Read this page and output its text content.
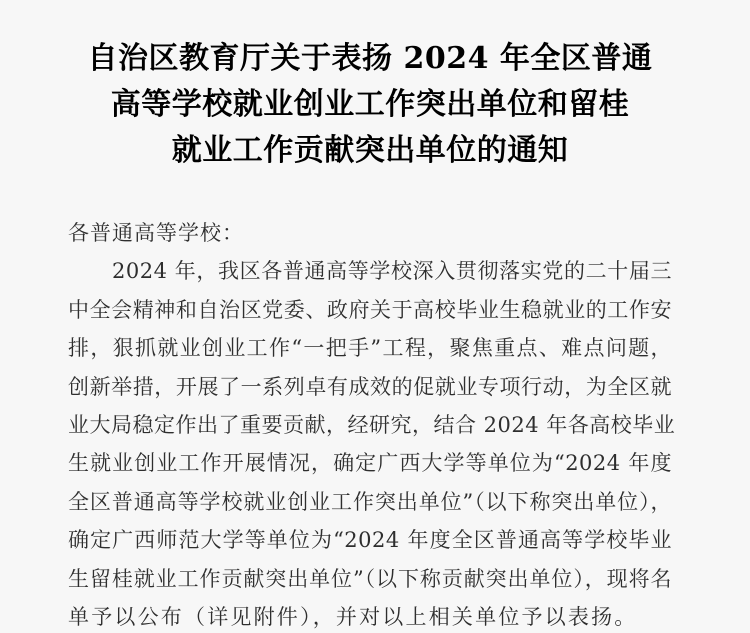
自治区教育厅关于表扬 2024 年全区普通
高等学校就业创业工作突出单位和留桂
就业工作贡献突出单位的通知
各普通高等学校：
2024 年，我区各普通高等学校深入贯彻落实党的二十届三
中全会精神和自治区党委、政府关于高校毕业生稳就业的工作安
排，狠抓就业创业工作“一把手”工程，聚焦重点、难点问题，
创新举措，开展了一系列卓有成效的促就业专项行动，为全区就
业大局稳定作出了重要贡献，经研究，结合 2024 年各高校毕业
生就业创业工作开展情况，确定广西大学等单位为“2024 年度
全区普通高等学校就业创业工作突出单位”（以下称突出单位），
确定广西师范大学等单位为“2024 年度全区普通高等学校毕业
生留桂就业工作贡献突出单位”（以下称贡献突出单位），现将名
单予以公布（详见附件），并对以上相关单位予以表扬。
